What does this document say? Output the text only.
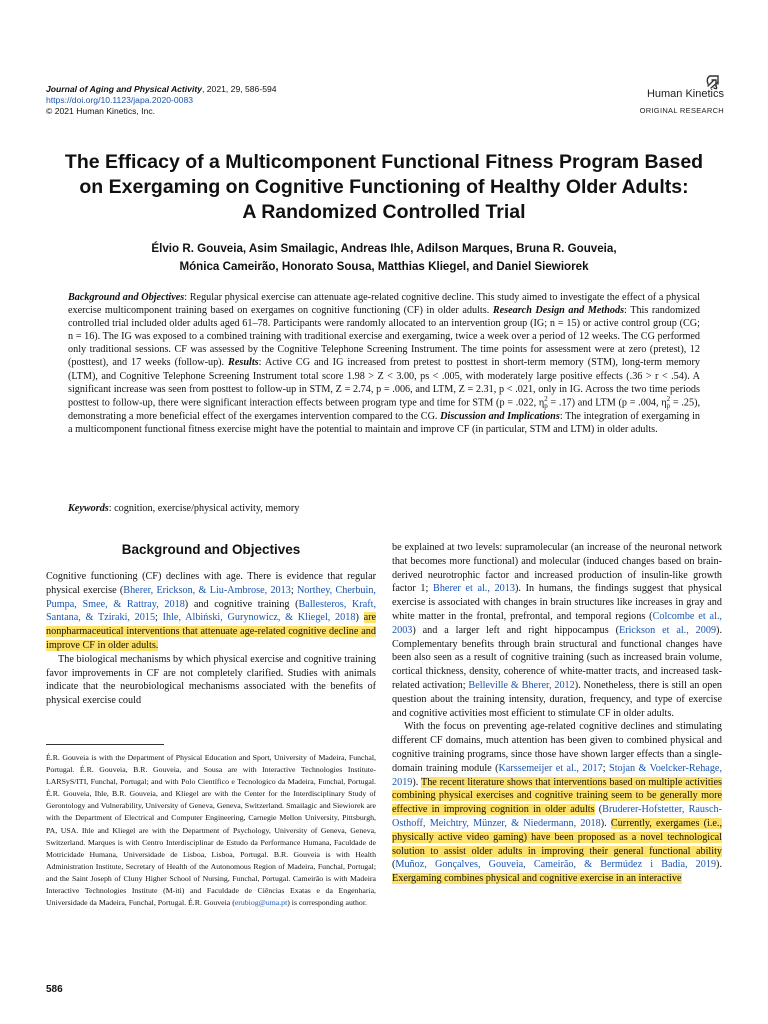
Journal of Aging and Physical Activity, 2021, 29, 586-594
https://doi.org/10.1123/japa.2020-0083
© 2021 Human Kinetics, Inc.
Human Kinetics
ORIGINAL RESEARCH
The Efficacy of a Multicomponent Functional Fitness Program Based
on Exergaming on Cognitive Functioning of Healthy Older Adults:
A Randomized Controlled Trial
Élvio R. Gouveia, Asim Smailagic, Andreas Ihle, Adilson Marques, Bruna R. Gouveia,
Mónica Cameirão, Honorato Sousa, Matthias Kliegel, and Daniel Siewiorek
Background and Objectives: Regular physical exercise can attenuate age-related cognitive decline. This study aimed to investigate the effect of a physical exercise multicomponent training based on exergames on cognitive functioning (CF) in older adults. Research Design and Methods: This randomized controlled trial included older adults aged 61–78. Participants were randomly allocated to an intervention group (IG; n = 15) or active control group (CG; n = 16). The IG was exposed to a combined training with traditional exercise and exergaming, twice a week over a period of 12 weeks. The CG performed only traditional sessions. CF was assessed by the Cognitive Telephone Screening Instrument. The time points for assessment were at zero (pretest), 12 (posttest), and 17 weeks (follow-up). Results: Active CG and IG increased from pretest to posttest in short-term memory (STM), long-term memory (LTM), and Cognitive Telephone Screening Instrument total score 1.98 > Z < 3.00, ps < .005, with moderately large positive effects (.36 > r < .54). A significant increase was seen from posttest to follow-up in STM, Z = 2.74, p = .006, and LTM, Z = 2.31, p < .021, only in IG. Across the two time periods posttest to follow-up, there were significant interaction effects between program type and time for STM (p = .022, η 2
p = .17) and LTM (p = .004, η 2
p = .25), demonstrating a more beneficial effect of the exergames intervention compared to the CG. Discussion and Implications: The integration of exergaming in a multicomponent functional fitness exercise might have the potential to maintain and improve CF (in particular, STM and LTM) in older adults.
Keywords: cognition, exercise/physical activity, memory
Background and Objectives

Cognitive functioning (CF) declines with age. There is evidence that regular physical exercise (Bherer, Erickson, & Liu-Ambrose, 2013; Northey, Cherbuin, Pumpa, Smee, & Rattray, 2018) and cognitive training (Ballesteros, Kraft, Santana, & Tziraki, 2015; Ihle, Albiński, Gurynowicz, & Kliegel, 2018) are nonpharmaceutical interventions that attenuate age-related cognitive decline and improve CF in older adults.

The biological mechanisms by which physical exercise and cognitive training favor improvements in CF are not completely clarified. Studies with animals indicate that the neurobiological mechanisms associated with the benefits of physical exercise could

É.R. Gouveia is with the Department of Physical Education and Sport, University of Madeira, Funchal, Portugal. É.R. Gouveia, B.R. Gouveia, and Sousa are with Interactive Technologies Institute-LARSyS/ITI, Funchal, Portugal; and with Polo Científico e Tecnologico da Madeira, Funchal, Portugal. É.R. Gouveia, Ihle, B.R. Gouveia, and Kliegel are with the Center for the Interdisciplinary Study of Gerontology and Vulnerability, University of Geneva, Geneva, Switzerland. Smailagic and Siewiorek are with the Department of Electrical and Computer Engineering, Carnegie Mellon University, Pittsburgh, PA, USA. Ihle and Kliegel are with the Department of Psychology, University of Geneva, Geneva, Switzerland. Marques is with Centro Interdisciplinar de Estudo da Performance Humana, Faculdade de Motricidade Humana, Universidade de Lisboa, Lisboa, Portugal. B.R. Gouveia is with Health Administration Institute, Secretary of Health of the Autonomous Region of Madeira, Funchal, Portugal; and the Saint Joseph of Cluny Higher School of Nursing, Funchal, Portugal. Cameirão is with Madeira Interactive Technologies Institute (M-iti) and Faculdade de Ciências Exatas e da Engenharia, Universidade da Madeira, Funchal, Portugal. É.R. Gouveia (erubiog@uma.pt) is corresponding author.

be explained at two levels: supramolecular (an increase of the neuronal network that becomes more functional) and molecular (induced changes based on brain-derived neurotrophic factor and increased production of insulin-like growth factor 1; Bherer et al., 2013). In humans, the findings suggest that physical exercise is associated with changes in brain structures like increases in gray and white matter in the frontal, prefrontal, and temporal regions (Colcombe et al., 2003) and a larger left and right hippocampus (Erickson et al., 2009). Complementary benefits through brain structural and functional changes have been also seen as a result of cognitive training (such as increased brain volume, cortical thickness, density, coherence of white-matter tracts, and increased task-related activation; Belleville & Bherer, 2012). Nonetheless, there is still an open question about the training intensity, duration, frequency, and type of exercise and cognitive activities most efficient to stimulate CF in older adults.

With the focus on preventing age-related cognitive declines and stimulating different CF domains, much attention has been given to combined physical and cognitive training programs, since those have shown larger effects than a single-domain training module (Karssemeijer et al., 2017; Stojan & Voelcker-Rehage, 2019). The recent literature shows that interventions based on multiple activities combining physical exercises and cognitive training seem to be generally more effective in improving cognition in older adults (Bruderer-Hofstetter, Rausch-Osthoff, Meichtry, Münzer, & Niedermann, 2018). Currently, exergames (i.e., physically active video gaming) have been proposed as a novel technological solution to assist older adults in improving their general functional ability (Muñoz, Gonçalves, Gouveia, Cameirão, & Bermúdez i Badia, 2019). Exergaming combines physical and cognitive exercise in an interactive

586
